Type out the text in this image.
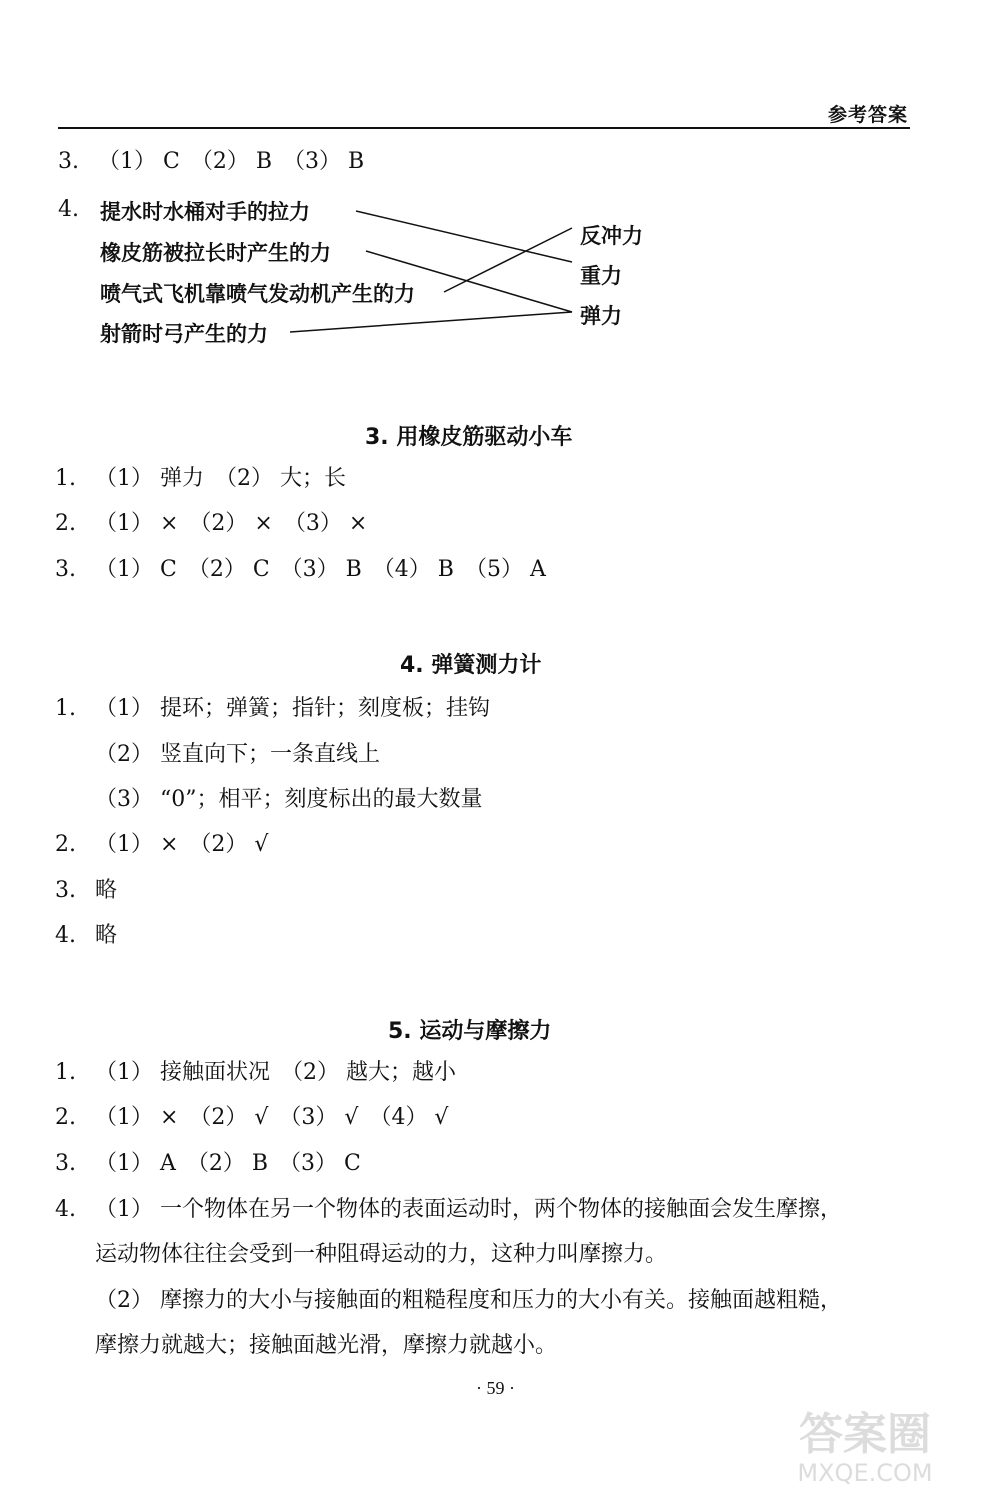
参考答案
3. （1） C　（2） B　（3） B
4. 提水时水桶对手的拉力
橡皮筋被拉长时产生的力
喷气式飞机靠喷气发动机产生的力
射箭时弓产生的力
反冲力
重力
弹力
3. 用橡皮筋驱动小车
1. （1） 弹力　（2） 大；长
2. （1） ×　（2） ×　（3） ×
3. （1） C　（2） C　（3） B　（4） B　（5） A
4. 弹簧测力计
1. （1） 提环；弹簧；指针；刻度板；挂钩
（2） 竖直向下；一条直线上
（3） “0”；相平；刻度标出的最大数量
2. （1） ×　（2） √
3. 略
4. 略
5. 运动与摩擦力
1. （1） 接触面状况　（2） 越大；越小
2. （1） ×　（2） √　（3） √　（4） √
3. （1） A　（2） B　（3） C
4. （1） 一个物体在另一个物体的表面运动时，两个物体的接触面会发生摩擦，
运动物体往往会受到一种阻碍运动的力，这种力叫摩擦力。
（2） 摩擦力的大小与接触面的粗糙程度和压力的大小有关。接触面越粗糙，
摩擦力就越大；接触面越光滑，摩擦力就越小。
· 59 ·
答案圈
MXQE.COM
